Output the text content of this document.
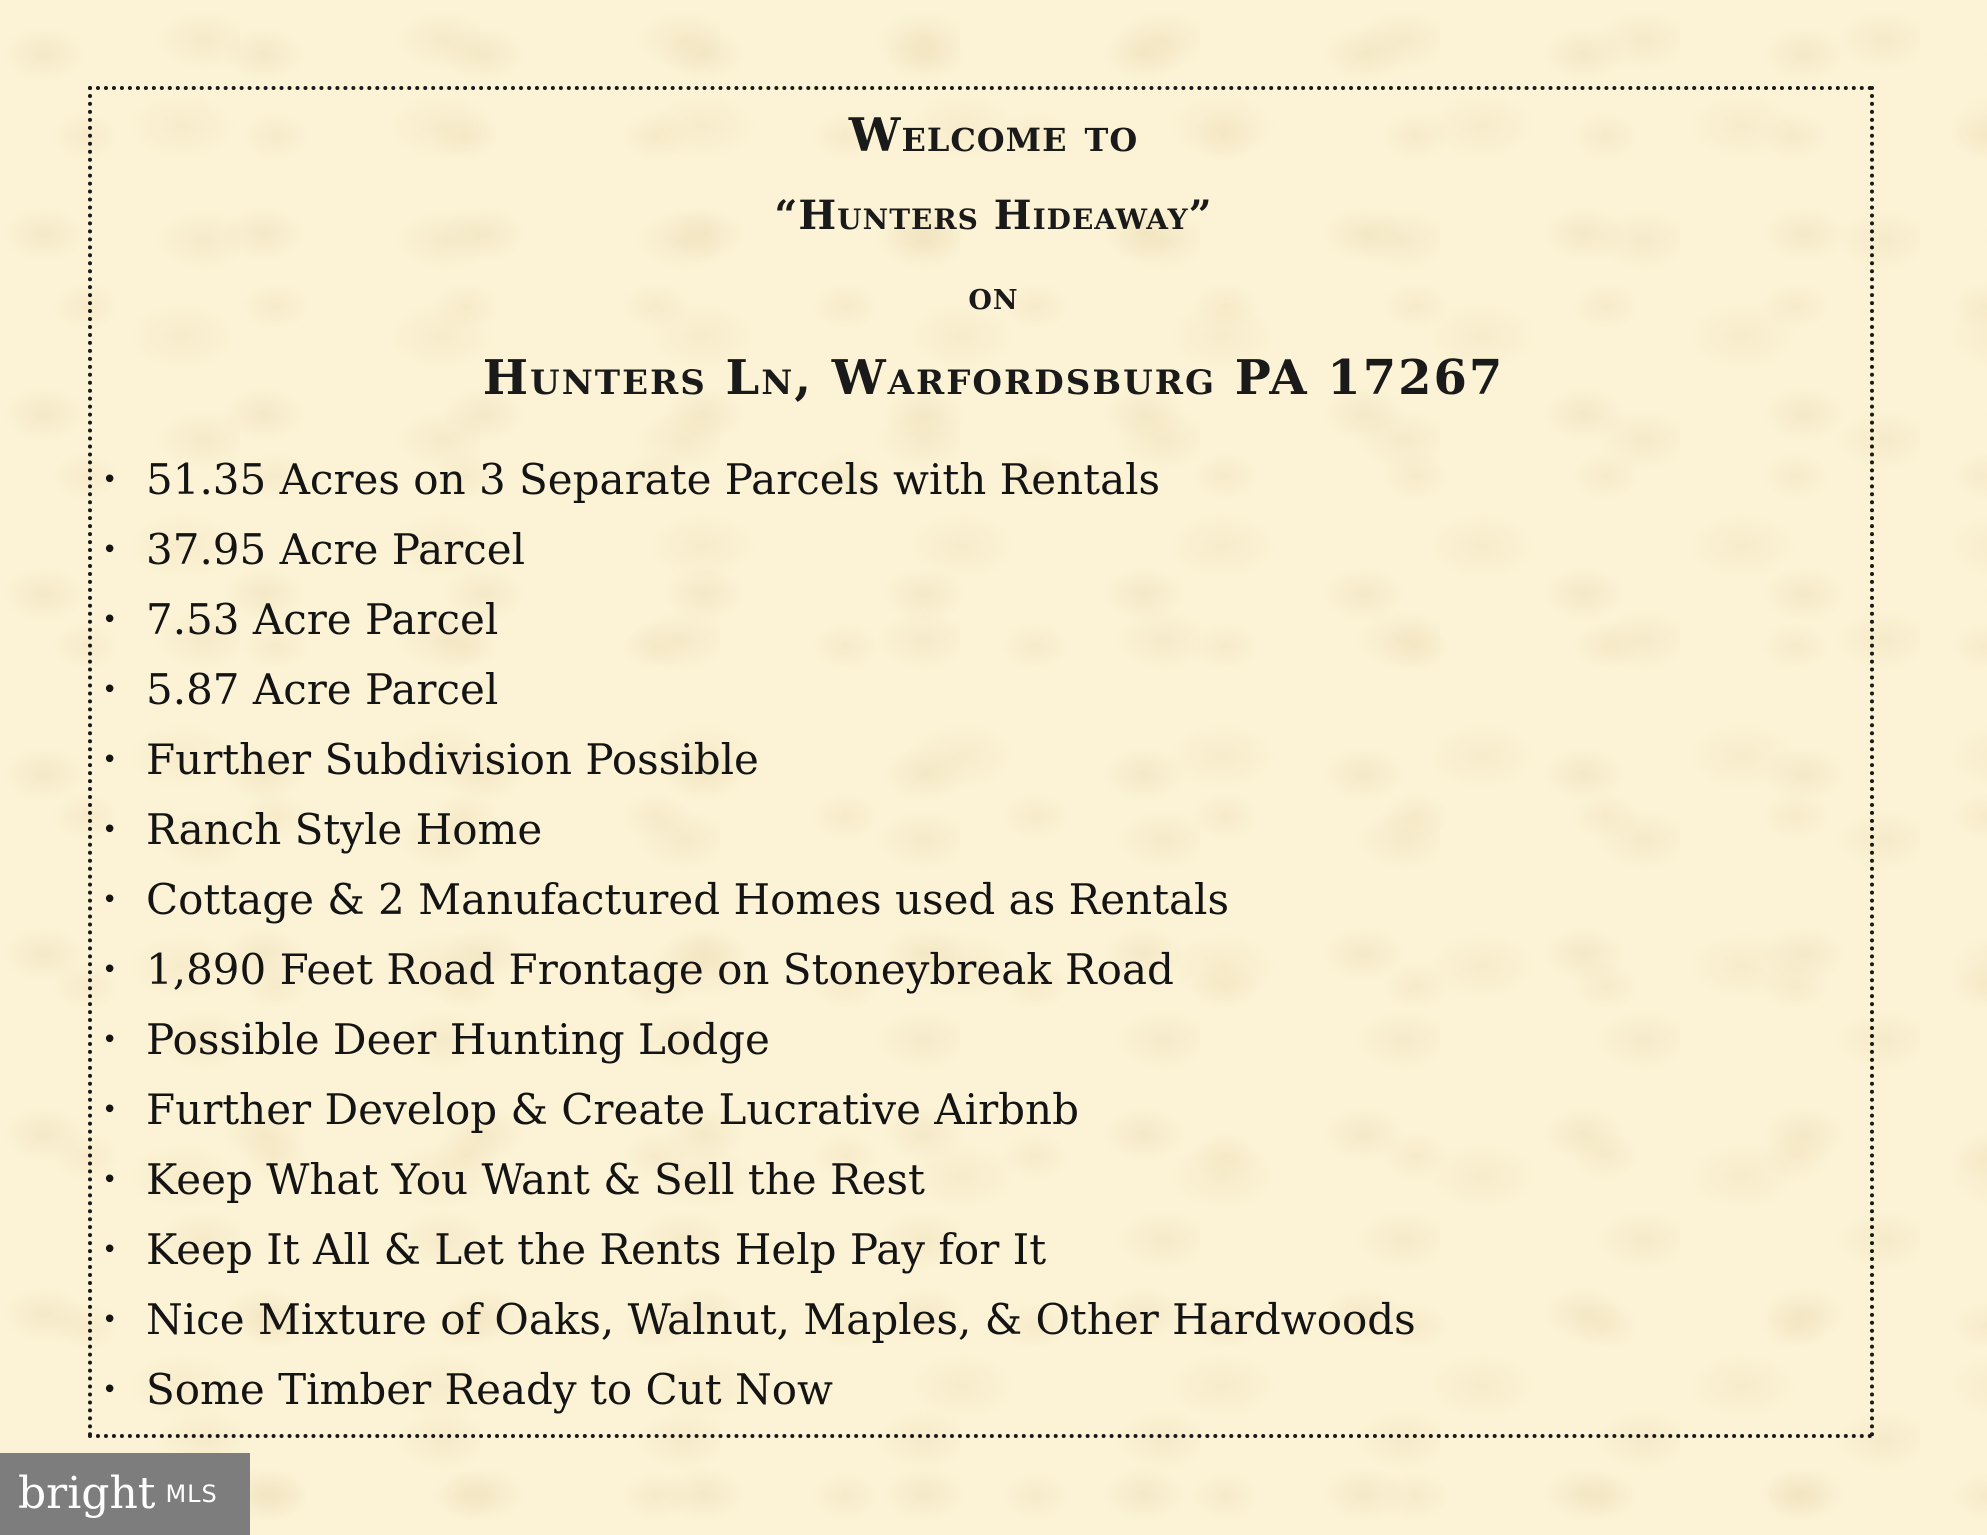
Welcome to
“Hunters Hideaway”
on
Hunters Ln, Warfordsburg PA 17267
• 51.35 Acres on 3 Separate Parcels with Rentals
• 37.95 Acre Parcel
• 7.53 Acre Parcel
• 5.87 Acre Parcel
• Further Subdivision Possible
• Ranch Style Home
• Cottage & 2 Manufactured Homes used as Rentals
• 1,890 Feet Road Frontage on Stoneybreak Road
• Possible Deer Hunting Lodge
• Further Develop & Create Lucrative Airbnb
• Keep What You Want & Sell the Rest
• Keep It All & Let the Rents Help Pay for It
• Nice Mixture of Oaks, Walnut, Maples, & Other Hardwoods
• Some Timber Ready to Cut Now
bright MLS
